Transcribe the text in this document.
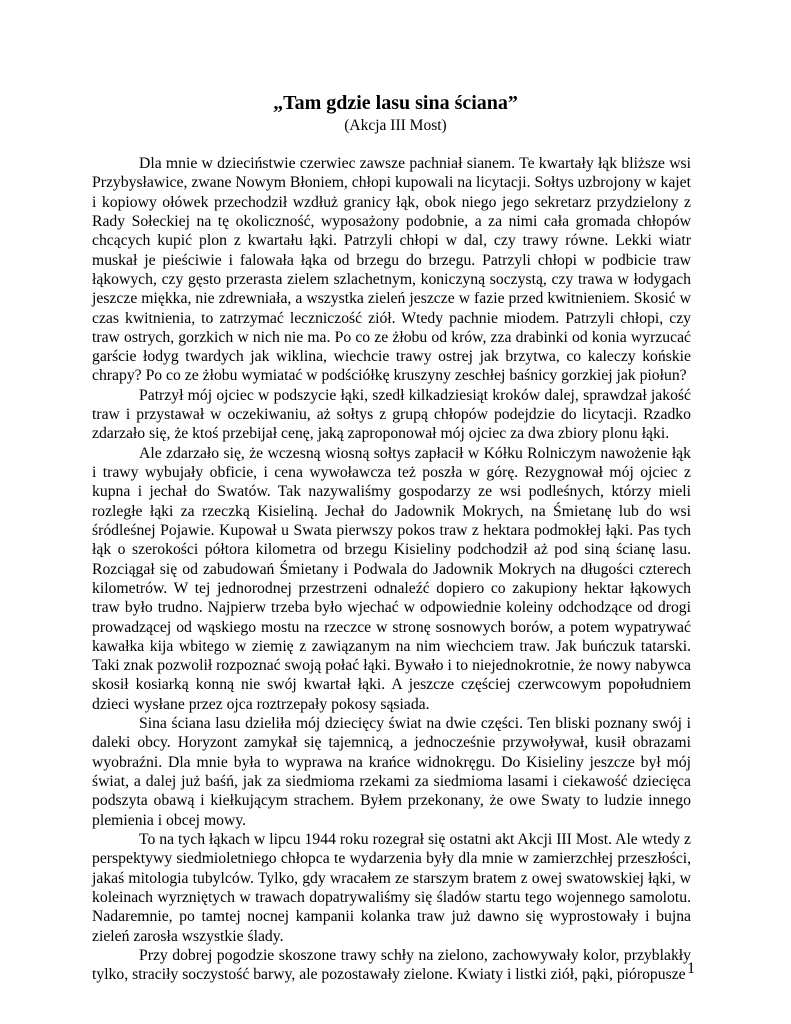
„Tam gdzie lasu sina ściana”
(Akcja III Most)

Dla mnie w dzieciństwie czerwiec zawsze pachniał sianem. Te kwartały łąk bliższe wsi Przybysławice, zwane Nowym Błoniem, chłopi kupowali na licytacji. Sołtys uzbrojony w kajet i kopiowy ołówek przechodził wzdłuż granicy łąk, obok niego jego sekretarz przydzielony z Rady Sołeckiej na tę okoliczność, wyposażony podobnie, a za nimi cała gromada chłopów chcących kupić plon z kwartału łąki. Patrzyli chłopi w dal, czy trawy równe. Lekki wiatr muskał je pieściwie i falowała łąka od brzegu do brzegu. Patrzyli chłopi w podbicie traw łąkowych, czy gęsto przerasta zielem szlachetnym, koniczyną soczystą, czy trawa w łodygach jeszcze miękka, nie zdrewniała, a wszystka zieleń jeszcze w fazie przed kwitnieniem. Skosić w czas kwitnienia, to zatrzymać leczniczość ziół. Wtedy pachnie miodem. Patrzyli chłopi, czy traw ostrych, gorzkich w nich nie ma. Po co ze żłobu od krów, zza drabinki od konia wyrzucać garście łodyg twardych jak wiklina, wiechcie trawy ostrej jak brzytwa, co kaleczy końskie chrapy? Po co ze żłobu wymiatać w podściółkę kruszyny zeschłej baśnicy gorzkiej jak piołun?

Patrzył mój ojciec w podszycie łąki, szedł kilkadziesiąt kroków dalej, sprawdzał jakość traw i przystawał w oczekiwaniu, aż sołtys z grupą chłopów podejdzie do licytacji. Rzadko zdarzało się, że ktoś przebijał cenę, jaką zaproponował mój ojciec za dwa zbiory plonu łąki.

Ale zdarzało się, że wczesną wiosną sołtys zapłacił w Kółku Rolniczym nawożenie łąk i trawy wybujały obficie, i cena wywoławcza też poszła w górę. Rezygnował mój ojciec z kupna i jechał do Swatów. Tak nazywaliśmy gospodarzy ze wsi podleśnych, którzy mieli rozległe łąki za rzeczką Kisieliną. Jechał do Jadownik Mokrych, na Śmietanę lub do wsi śródleśnej Pojawie. Kupował u Swata pierwszy pokos traw z hektara podmokłej łąki. Pas tych łąk o szerokości półtora kilometra od brzegu Kisieliny podchodził aż pod siną ścianę lasu. Rozciągał się od zabudowań Śmietany i Podwala do Jadownik Mokrych na długości czterech kilometrów. W tej jednorodnej przestrzeni odnaleźć dopiero co zakupiony hektar łąkowych traw było trudno. Najpierw trzeba było wjechać w odpowiednie koleiny odchodzące od drogi prowadzącej od wąskiego mostu na rzeczce w stronę sosnowych borów, a potem wypatrywać kawałka kija wbitego w ziemię z zawiązanym na nim wiechciem traw. Jak buńczuk tatarski. Taki znak pozwolił rozpoznać swoją połać łąki. Bywało i to niejednokrotnie, że nowy nabywca skosił kosiarką konną nie swój kwartał łąki. A jeszcze częściej czerwcowym popołudniem dzieci wysłane przez ojca roztrzepały pokosy sąsiada.

Sina ściana lasu dzieliła mój dziecięcy świat na dwie części. Ten bliski poznany swój i daleki obcy. Horyzont zamykał się tajemnicą, a jednocześnie przywoływał, kusił obrazami wyobraźni. Dla mnie była to wyprawa na krańce widnokręgu. Do Kisieliny jeszcze był mój świat, a dalej już baśń, jak za siedmioma rzekami za siedmioma lasami i ciekawość dziecięca podszyta obawą i kiełkującym strachem. Byłem przekonany, że owe Swaty to ludzie innego plemienia i obcej mowy.

To na tych łąkach w lipcu 1944 roku rozegrał się ostatni akt Akcji III Most. Ale wtedy z perspektywy siedmioletniego chłopca te wydarzenia były dla mnie w zamierzchłej przeszłości, jakaś mitologia tubylców. Tylko, gdy wracałem ze starszym bratem z owej swatowskiej łąki, w koleinach wyrzniętych w trawach dopatrywaliśmy się śladów startu tego wojennego samolotu. Nadaremnie, po tamtej nocnej kampanii kolanka traw już dawno się wyprostowały i bujna zieleń zarosła wszystkie ślady.

Przy dobrej pogodzie skoszone trawy schły na zielono, zachowywały kolor, przyblakły tylko, straciły soczystość barwy, ale pozostawały zielone. Kwiaty i listki ziół, pąki, pióropusze 1
